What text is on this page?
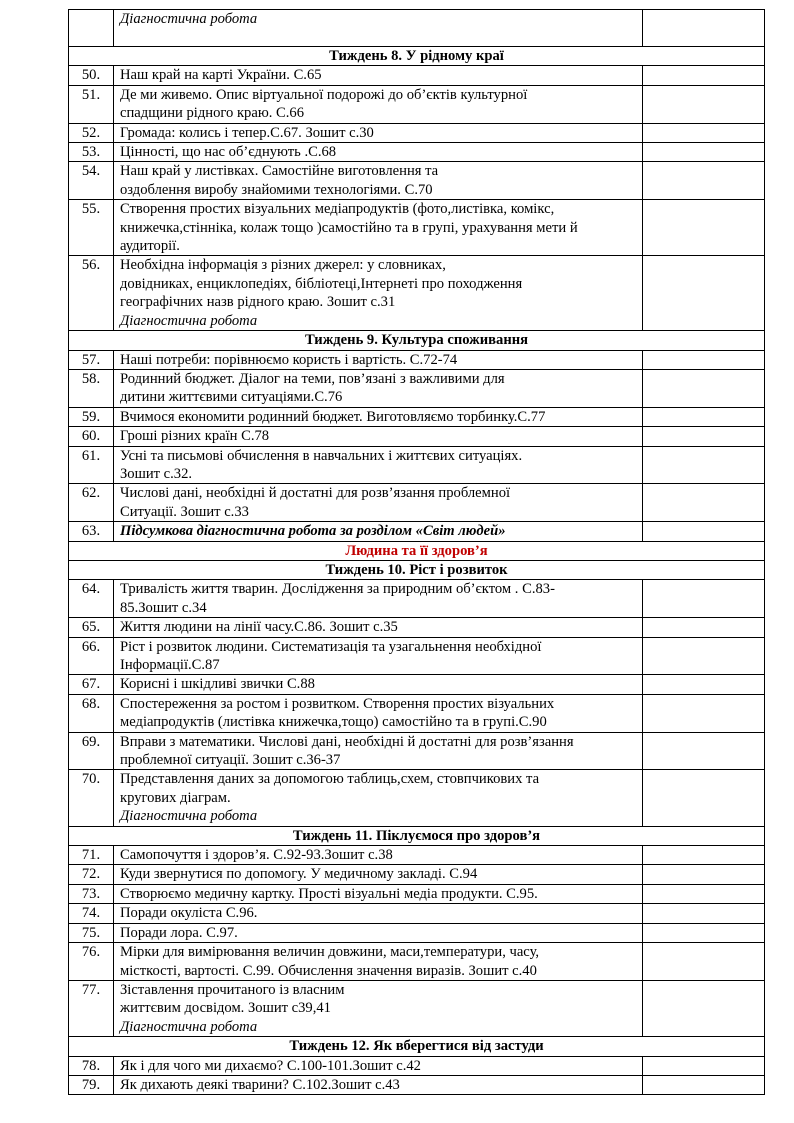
	Діагностична робота	

Тиждень 8. У рідному краї		
50.	Наш край на карті України. С.65	

51.	Де ми живемо. Опис віртуальної подорожі до об’єктів культурної
спадщини рідного краю. С.66	

52.	Громада: колись і тепер.С.67. Зошит с.30	

53.	Цінності, що нас об’єднують .С.68	

54.	Наш край у листівках. Самостійне виготовлення та
оздоблення виробу знайомими технологіями. С.70	

55.	Створення простих візуальних медіапродуктів (фото,листівка, комікс,
книжечка,стінніка, колаж тощо )самостійно та в групі, урахування мети й
аудиторії.	

56.	Необхідна інформація з різних джерел: у словниках,
довідниках, енциклопедіях, бібліотеці,Інтернеті про походження
географічних назв рідного краю. Зошит с.31
Діагностична робота	

Тиждень 9. Культура споживання		
57.	Наші потреби: порівнюємо користь і вартість. С.72-74	

58.	Родинний бюджет. Діалог на теми, пов’язані з важливими для
дитини життєвими ситуаціями.С.76	

59.	Вчимося економити родинний бюджет. Виготовляємо торбинку.С.77	

60.	Гроші різних країн С.78	

61.	Усні та письмові обчислення в навчальних і життєвих ситуаціях.
Зошит с.32.	

62.	Числові дані, необхідні й достатні для розв’язання проблемної
Ситуації. Зошит с.33	

63.	Підсумкова діагностична робота за розділом «Світ людей»	

Людина та її здоров’я		
Тиждень 10. Ріст і розвиток		
64.	Тривалість життя тварин. Дослідження за природним об’єктом . С.83-
85.Зошит с.34	

65.	Життя людини на лінії часу.С.86. Зошит с.35	

66.	Ріст і розвиток людини. Систематизація та узагальнення необхідної
Інформації.С.87	

67.	Корисні і шкідливі звички С.88	

68.	Спостереження за ростом і розвитком. Створення простих візуальних
медіапродуктів (листівка книжечка,тощо) самостійно та в групі.С.90	

69.	Вправи з математики. Числові дані, необхідні й достатні для розв’язання
проблемної ситуації. Зошит с.36-37	

70.	Представлення даних за допомогою таблиць,схем, стовпчикових та
кругових діаграм.
Діагностична робота	

Тиждень 11. Піклуємося про здоров’я		
71.	Самопочуття і здоров’я. С.92-93.Зошит с.38	

72.	Куди звернутися по допомогу. У медичному закладі. С.94	

73.	Створюємо медичну картку. Прості візуальні медіа продукти. С.95.	

74.	Поради окуліста С.96.	

75.	Поради лора. С.97.	

76.	Мірки для вимірювання величин довжини, маси,температури, часу,
місткості, вартості. С.99. Обчислення значення виразів. Зошит с.40	

77.	Зіставлення прочитаного із власним
життєвим досвідом. Зошит с39,41
Діагностична робота	

Тиждень 12. Як вберегтися від застуди		
78.	Як і для чого ми дихаємо? С.100-101.Зошит с.42	

79.	Як дихають деякі тварини? С.102.Зошит с.43	
